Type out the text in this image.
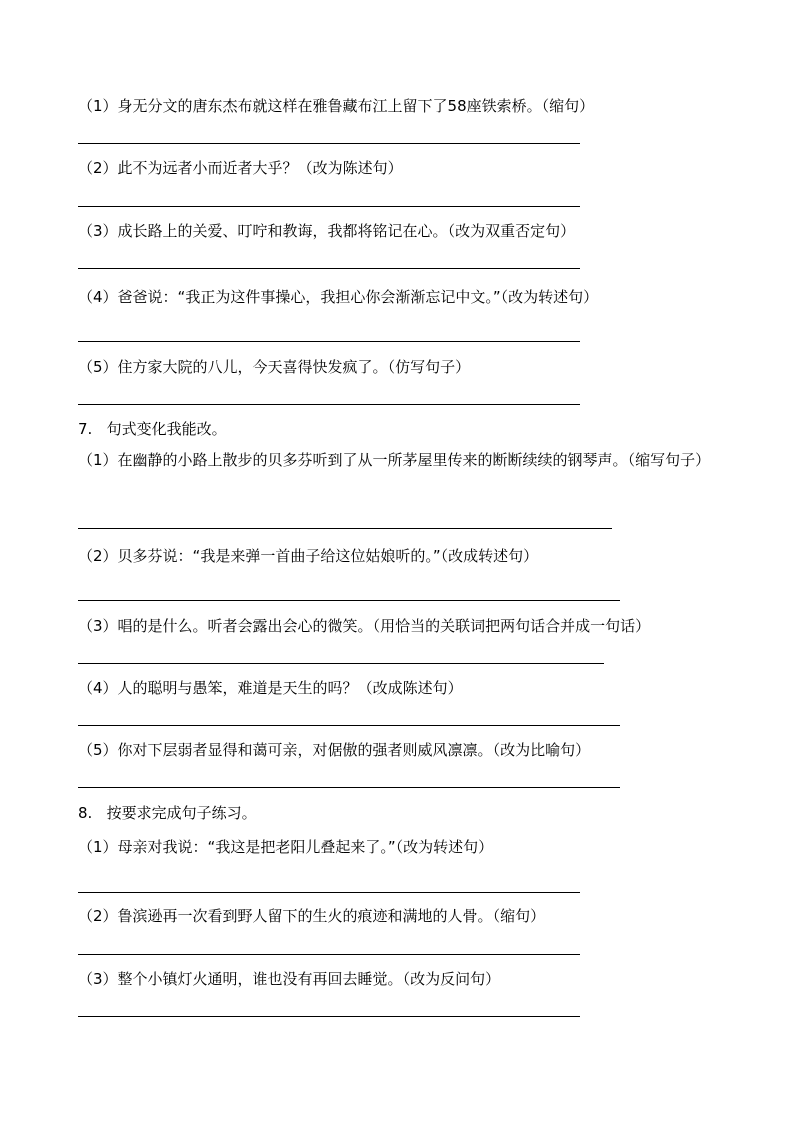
（1）身无分文的唐东杰布就这样在雅鲁藏布江上留下了58座铁索桥。（缩句）
（2）此不为远者小而近者大乎？（改为陈述句）
（3）成长路上的关爱、叮咛和教诲，我都将铭记在心。（改为双重否定句）
（4）爸爸说：“我正为这件事操心，我担心你会渐渐忘记中文。”（改为转述句）
（5）住方家大院的八儿，今天喜得快发疯了。（仿写句子）
7. 句式变化我能改。
（1）在幽静的小路上散步的贝多芬听到了从一所茅屋里传来的断断续续的钢琴声。（缩写句子）
（2）贝多芬说：“我是来弹一首曲子给这位姑娘听的。”（改成转述句）
（3）唱的是什么。听者会露出会心的微笑。（用恰当的关联词把两句话合并成一句话）
（4）人的聪明与愚笨，难道是天生的吗？（改成陈述句）
（5）你对下层弱者显得和蔼可亲，对倨傲的强者则威风凛凛。（改为比喻句）
8. 按要求完成句子练习。
（1）母亲对我说：“我这是把老阳儿叠起来了。”（改为转述句）
（2）鲁滨逊再一次看到野人留下的生火的痕迹和满地的人骨。（缩句）
（3）整个小镇灯火通明，谁也没有再回去睡觉。（改为反问句）
